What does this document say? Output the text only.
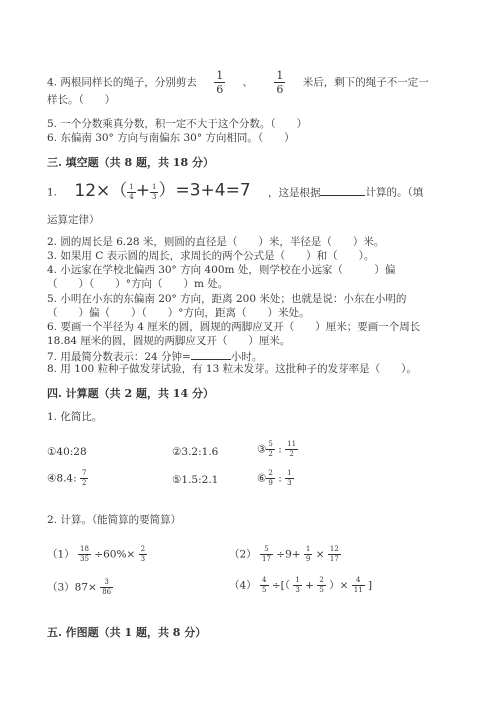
4. 两根同样长的绳子，分别剪去 $\frac{1}{6}$ 、 $\frac{1}{6}$ 米后，剩下的绳子不一定一
样长。（　　）
5. 一个分数乘真分数，积一定不大于这个分数。（　　）
6. 东偏南 30° 方向与南偏东 30° 方向相同。（　　）
三. 填空题（共 8 题，共 18 分）
1. $12\times( \frac{1}{4} + \frac{1}{3} )=3+4=7$ ，这是根据	计算的。（填
运算定律）
2. 圆的周长是 6.28 米，则圆的直径是（　　）米，半径是（　　）米。
3. 如果用 C 表示圆的周长，求周长的两个公式是（　　）和（　　）。
4. 小远家在学校北偏西 30° 方向 400m 处，则学校在小远家（　　　）偏
（　　）（　　）°方向（　　）m 处。
5. 小明在小东的东偏南 20° 方向，距离 200 米处；也就是说：小东在小明的
（　　）偏（　　）（　　）°方向，距离（　　）米处。
6. 要画一个半径为 4 厘米的圆，圆规的两脚应叉开（　　）厘米；要画一个周长
18.84 厘米的圆，圆规的两脚应叉开（　　）厘米。
7. 用最简分数表示：24 分钟=	小时。
8. 用 100 粒种子做发芽试验，有 13 粒未发芽。这批种子的发芽率是（　　）。
四. 计算题（共 2 题，共 14 分）
1. 化简比。
①40:28	②3.2:1.6	③ $\frac{5}{2}$ : $\frac{11}{2}$
④8.4: $\frac{7}{2}$	⑤1.5:2.1	⑥ $\frac{2}{9}$ : $\frac{1}{3}$
2. 计算。（能简算的要简算）
$(1) \frac{18}{35} \div 60\%\times \frac{2}{3}$	$(2) \frac{5}{17} \div 9+ \frac{1}{9} \times \frac{12}{17}$
$(3)87\times \frac{3}{86}$	$(4) \frac{4}{5}$ ÷[（ $\frac{1}{3} + \frac{2}{5}$ ）× $\frac{4}{11}$ ]
五. 作图题（共 1 题，共 8 分）
